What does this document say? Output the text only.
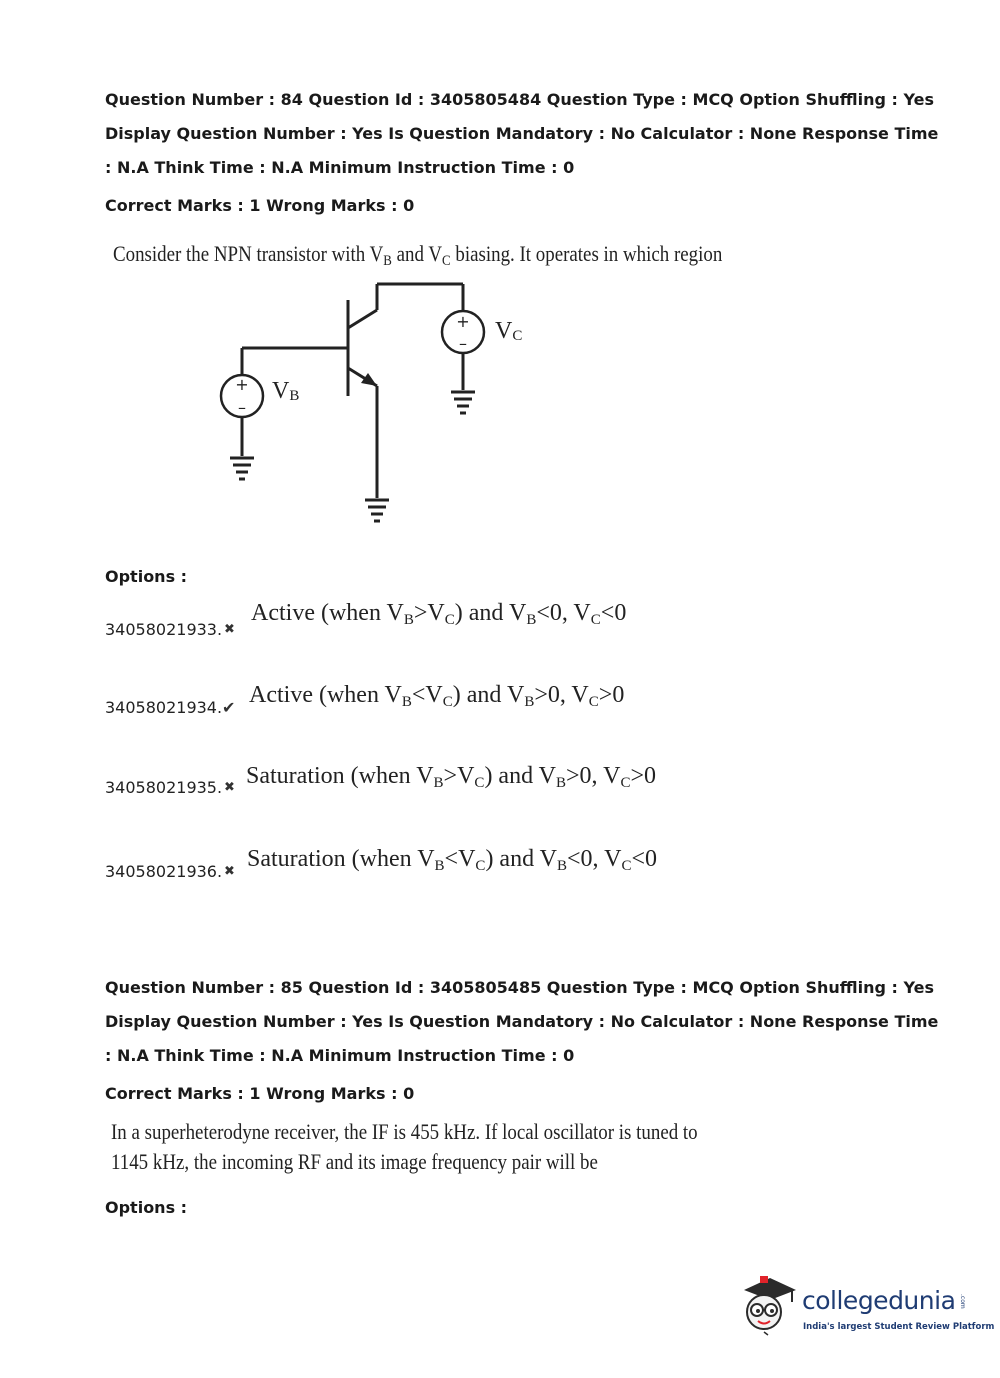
Question Number : 84 Question Id : 3405805484 Question Type : MCQ Option Shuffling : Yes

Display Question Number : Yes Is Question Mandatory : No Calculator : None Response Time

: N.A Think Time : N.A Minimum Instruction Time : 0

Correct Marks : 1 Wrong Marks : 0

Consider the NPN transistor with $V_B$ and $V_C$ biasing. It operates in which region
+
–
VB
+
– VC
Options :
34058021933. ✖
Active (when $V_B>V_C$) and $V_B<0$, $V_C<0$
34058021934. ✔ Active (when $V_B<V_C$) and $V_B>0$, $V_C>0$
34058021935. ✖ Saturation (when $V_B>V_C$) and $V_B>0$, $V_C>0$
34058021936. ✖ Saturation (when $V_B<V_C$) and $V_B<0$, $V_C<0$

Question Number : 85 Question Id : 3405805485 Question Type : MCQ Option Shuffling : Yes

Display Question Number : Yes Is Question Mandatory : No Calculator : None Response Time

: N.A Think Time : N.A Minimum Instruction Time : 0

Correct Marks : 1 Wrong Marks : 0

In a superheterodyne receiver, the IF is 455 kHz. If local oscillator is tuned to
1145 kHz, the incoming RF and its image frequency pair will be
Options :
collegedunia .com
India's largest Student Review Platform
